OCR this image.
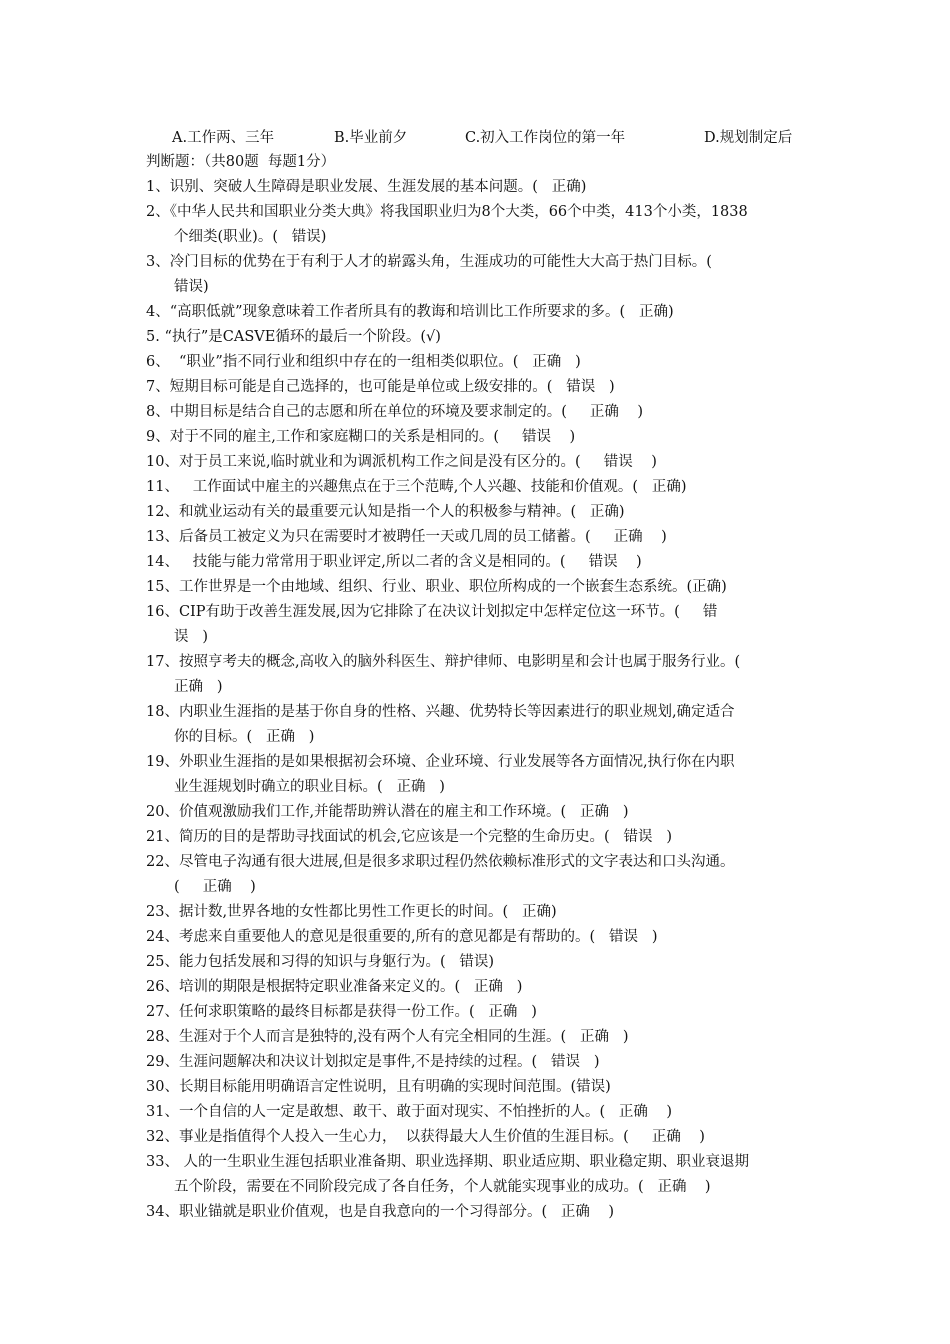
A.工作两、三年	B.毕业前夕	C.初入工作岗位的第一年	D.规划制定后
判断题：（共80题  每题1分）
1、识别、突破人生障碍是职业发展、生涯发展的基本问题。(   正确)
2、《中华人民共和国职业分类大典》将我国职业归为8个大类，66个中类，413个小类，1838
个细类(职业)。(   错误)
3、冷门目标的优势在于有利于人才的崭露头角，生涯成功的可能性大大高于热门目标。(
错误)
4、“高职低就”现象意味着工作者所具有的教诲和培训比工作所要求的多。(   正确)
5. “执行”是CASVE循环的最后一个阶段。(√)
6、  “职业”指不同行业和组织中存在的一组相类似职位。(   正确   )
7、短期目标可能是自己选择的，也可能是单位或上级安排的。(   错误   )
8、中期目标是结合自己的志愿和所在单位的环境及要求制定的。(     正确    )
9、对于不同的雇主,工作和家庭糊口的关系是相同的。(     错误    )
10、对于员工来说,临时就业和为调派机构工作之间是没有区分的。(     错误    )
11、   工作面试中雇主的兴趣焦点在于三个范畴,个人兴趣、技能和价值观。(   正确)
12、和就业运动有关的最重要元认知是指一个人的积极参与精神。(   正确)
13、后备员工被定义为只在需要时才被聘任一天或几周的员工储蓄。(     正确    )
14、   技能与能力常常用于职业评定,所以二者的含义是相同的。(     错误    )
15、工作世界是一个由地域、组织、行业、职业、职位所构成的一个嵌套生态系统。(正确)
16、CIP有助于改善生涯发展,因为它排除了在决议计划拟定中怎样定位这一环节。(     错
误   )
17、按照亨考夫的概念,高收入的脑外科医生、辩护律师、电影明星和会计也属于服务行业。(
正确   )
18、内职业生涯指的是基于你自身的性格、兴趣、优势特长等因素进行的职业规划,确定适合
你的目标。(   正确   )
19、外职业生涯指的是如果根据初会环境、企业环境、行业发展等各方面情况,执行你在内职
业生涯规划时确立的职业目标。(   正确   )
20、价值观激励我们工作,并能帮助辨认潜在的雇主和工作环境。(   正确   )
21、简历的目的是帮助寻找面试的机会,它应该是一个完整的生命历史。(   错误   )
22、尽管电子沟通有很大进展,但是很多求职过程仍然依赖标准形式的文字表达和口头沟通。
(     正确    )
23、据计数,世界各地的女性都比男性工作更长的时间。(   正确)
24、考虑来自重要他人的意见是很重要的,所有的意见都是有帮助的。(   错误   )
25、能力包括发展和习得的知识与身躯行为。(   错误)
26、培训的期限是根据特定职业准备来定义的。(   正确   )
27、任何求职策略的最终目标都是获得一份工作。(   正确   )
28、生涯对于个人而言是独特的,没有两个人有完全相同的生涯。(   正确   )
29、生涯问题解决和决议计划拟定是事件,不是持续的过程。(   错误   )
30、长期目标能用明确语言定性说明，且有明确的实现时间范围。(错误)
31、一个自信的人一定是敢想、敢干、敢于面对现实、不怕挫折的人。(   正确    )
32、事业是指值得个人投入一生心力，  以获得最大人生价值的生涯目标。(     正确    )
33、 人的一生职业生涯包括职业准备期、职业选择期、职业适应期、职业稳定期、职业衰退期
五个阶段，需要在不同阶段完成了各自任务，个人就能实现事业的成功。(   正确    )
34、职业锚就是职业价值观，也是自我意向的一个习得部分。(   正确    )
